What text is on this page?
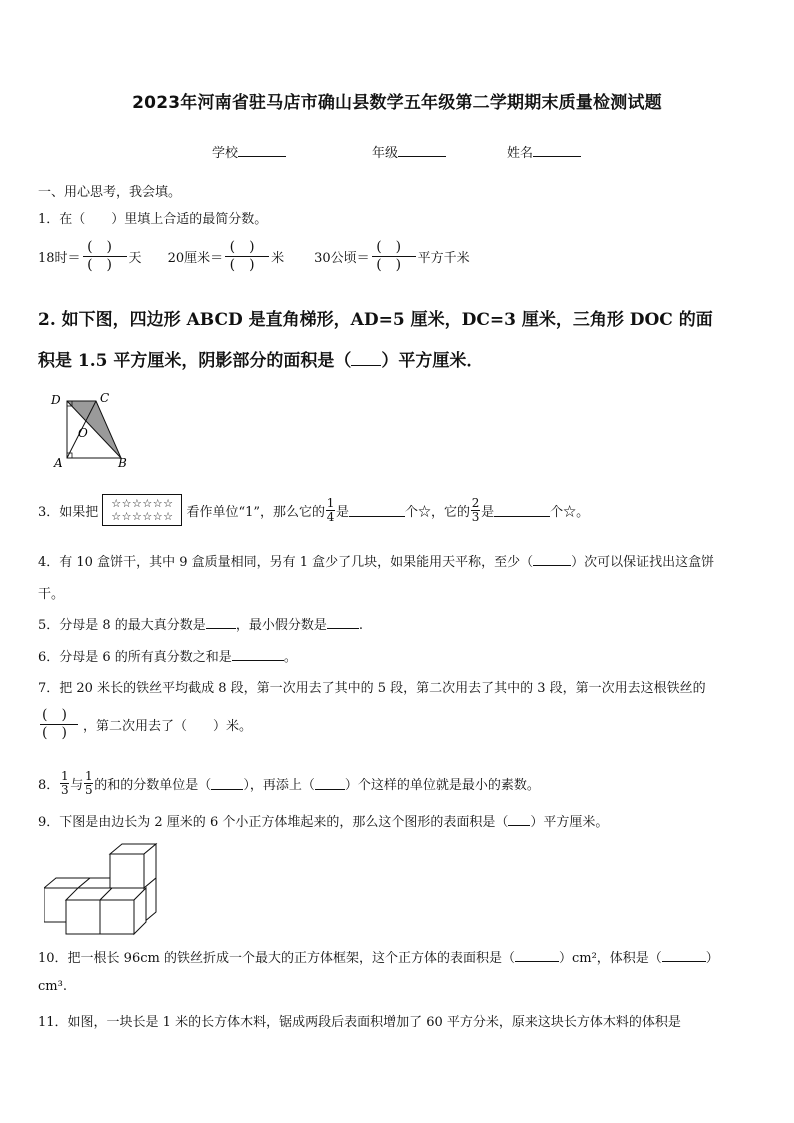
2023年河南省驻马店市确山县数学五年级第二学期期末质量检测试题
学校	年级	姓名
一、用心思考，我会填。
1．在（　　）里填上合适的最简分数。
18时＝
()
() 天 20厘米＝
()
() 米 30公顷＝
()
() 平方千米
2. 如下图，四边形 ABCD 是直角梯形，AD=5 厘米，DC=3 厘米，三角形 DOC 的面
积是 1.5 平方厘米，阴影部分的面积是（ ）平方厘米．
D	C
O
A	B
3．如果把
☆☆☆☆☆☆
☆☆☆☆☆☆ 看作单位“1”，那么它的
1
4 是	个☆，它的
2
3 是	个☆。
4．有 10 盒饼干，其中 9 盒质量相同，另有 1 盒少了几块，如果能用天平称，至少（	）次可以保证找出这盒饼
干。
5．分母是 8 的最大真分数是 ，最小假分数是 .
6．分母是 6 的所有真分数之和是	。
7．把 20 米长的铁丝平均截成 8 段，第一次用去了其中的 5 段，第二次用去了其中的 3 段，第一次用去这根铁丝的
()
() ，第二次用去了（　　）米。
8．
1
3 与
1
5 的和的分数单位是（ ），再添上（ ）个这样的单位就是最小的素数。
9．下图是由边长为 2 厘米的 6 个小正方体堆起来的，那么这个图形的表面积是（ ）平方厘米。
10．把一根长 96cm 的铁丝折成一个最大的正方体框架，这个正方体的表面积是（	）cm²，体积是（	）
cm³.
11．如图，一块长是 1 米的长方体木料，锯成两段后表面积增加了 60 平方分米，原来这块长方体木料的体积是
